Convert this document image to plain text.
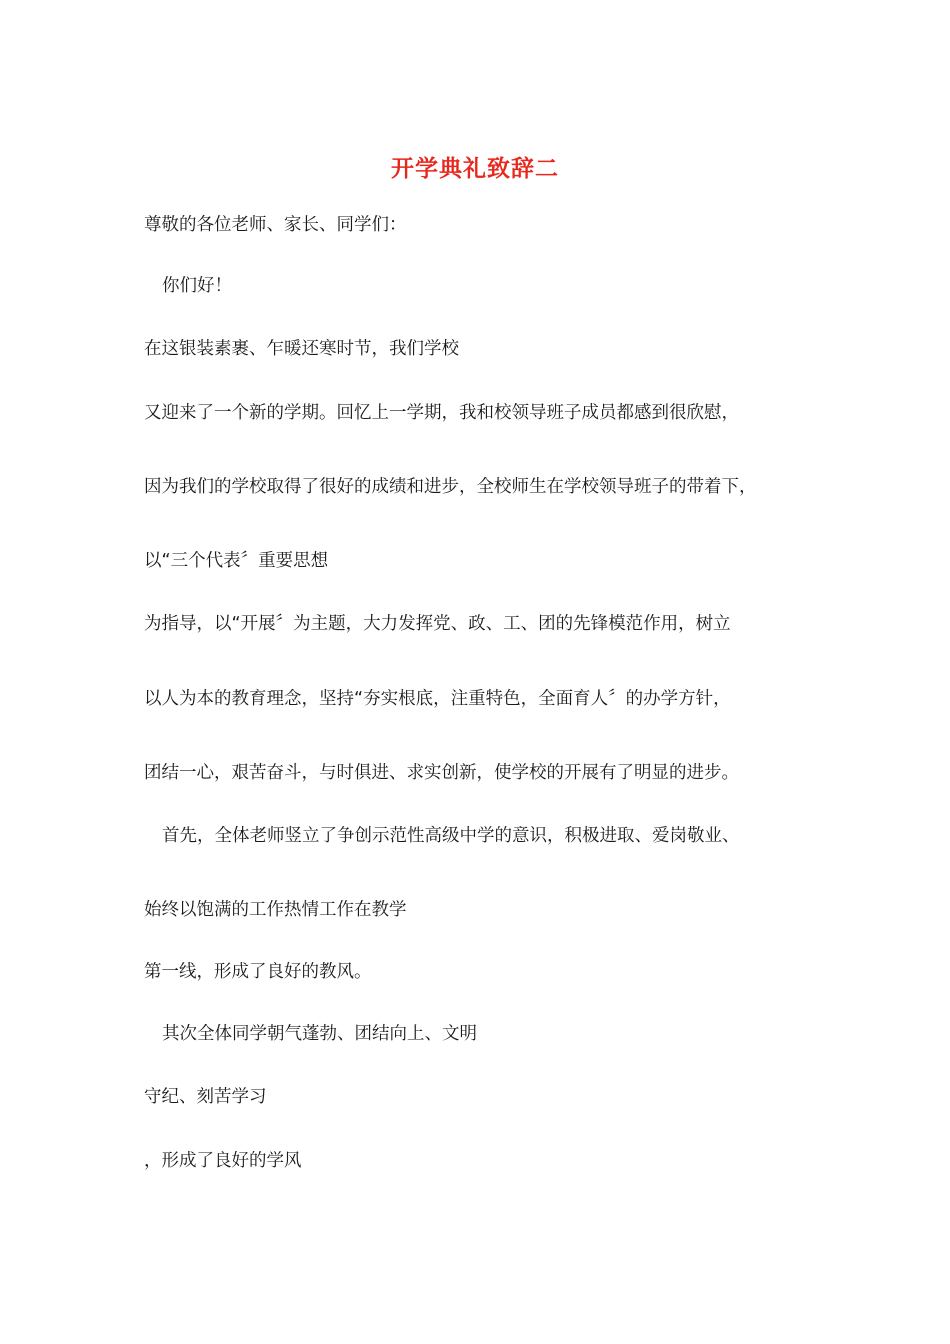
开学典礼致辞二
尊敬的各位老师、家长、同学们：
你们好！
在这银装素裹、乍暖还寒时节，我们学校
又迎来了一个新的学期。回忆上一学期，我和校领导班子成员都感到很欣慰，
因为我们的学校取得了很好的成绩和进步，全校师生在学校领导班子的带着下，
以“三个代表〞重要思想
为指导，以“开展〞为主题，大力发挥党、政、工、团的先锋模范作用，树立
以人为本的教育理念，坚持“夯实根底，注重特色，全面育人〞的办学方针，
团结一心，艰苦奋斗，与时俱进、求实创新，使学校的开展有了明显的进步。
首先，全体老师竖立了争创示范性高级中学的意识，积极进取、爱岗敬业、
始终以饱满的工作热情工作在教学
第一线，形成了良好的教风。
其次全体同学朝气蓬勃、团结向上、文明
守纪、刻苦学习
，形成了良好的学风
